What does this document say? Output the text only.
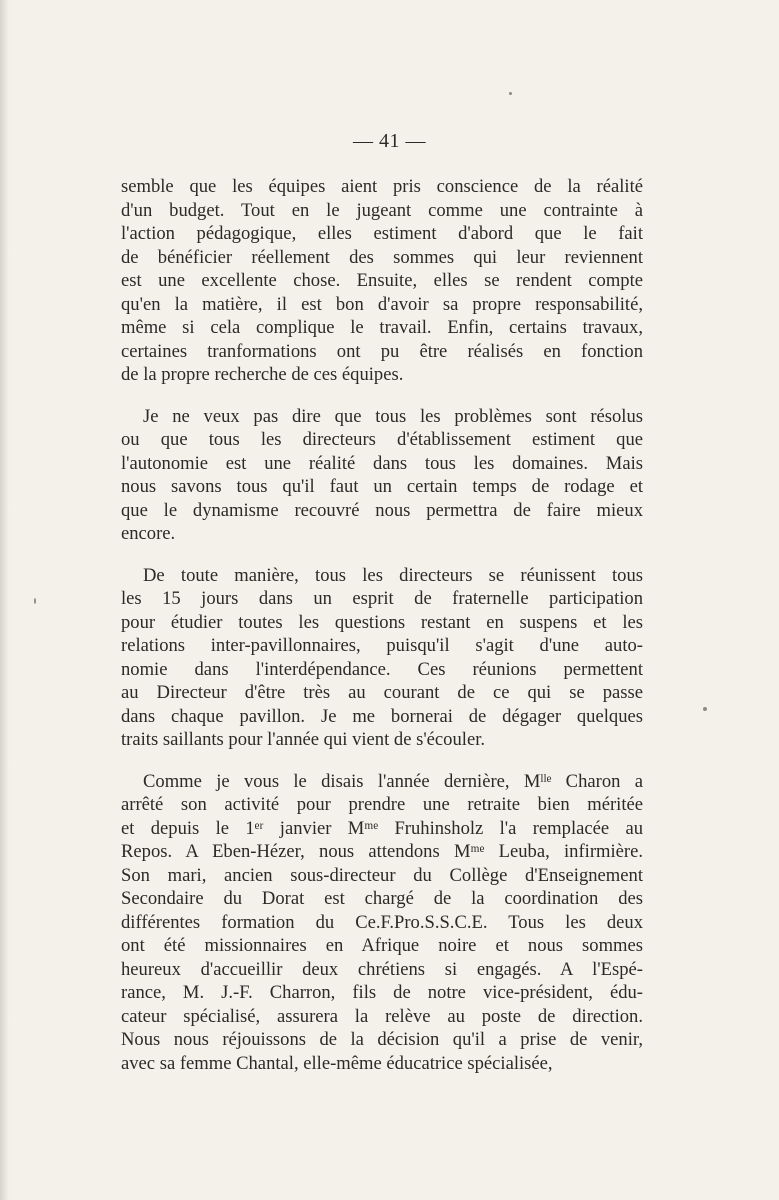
— 41 —

semble que les équipes aient pris conscience de la réalité
d'un budget. Tout en le jugeant comme une contrainte à
l'action pédagogique, elles estiment d'abord que le fait
de bénéficier réellement des sommes qui leur reviennent
est une excellente chose. Ensuite, elles se rendent compte
qu'en la matière, il est bon d'avoir sa propre responsabilité,
même si cela complique le travail. Enfin, certains travaux,
certaines tranformations ont pu être réalisés en fonction
de la propre recherche de ces équipes.

Je ne veux pas dire que tous les problèmes sont résolus
ou que tous les directeurs d'établissement estiment que
l'autonomie est une réalité dans tous les domaines. Mais
nous savons tous qu'il faut un certain temps de rodage et
que le dynamisme recouvré nous permettra de faire mieux
encore.

De toute manière, tous les directeurs se réunissent tous
les 15 jours dans un esprit de fraternelle participation
pour étudier toutes les questions restant en suspens et les
relations inter-pavillonnaires, puisqu'il s'agit d'une auto-
nomie dans l'interdépendance. Ces réunions permettent
au Directeur d'être très au courant de ce qui se passe
dans chaque pavillon. Je me bornerai de dégager quelques
traits saillants pour l'année qui vient de s'écouler.

Comme je vous le disais l'année dernière, Mˡˡᵉ Charon a
arrêté son activité pour prendre une retraite bien méritée
et depuis le 1ᵉʳ janvier Mᵐᵉ Fruhinsholz l'a remplacée au
Repos. A Eben-Hézer, nous attendons Mᵐᵉ Leuba, infirmière.
Son mari, ancien sous-directeur du Collège d'Enseignement
Secondaire du Dorat est chargé de la coordination des
différentes formation du Ce.F.Pro.S.S.C.E. Tous les deux
ont été missionnaires en Afrique noire et nous sommes
heureux d'accueillir deux chrétiens si engagés. A l'Espé-
rance, M. J.-F. Charron, fils de notre vice-président, édu-
cateur spécialisé, assurera la relève au poste de direction.
Nous nous réjouissons de la décision qu'il a prise de venir,
avec sa femme Chantal, elle-même éducatrice spécialisée,
